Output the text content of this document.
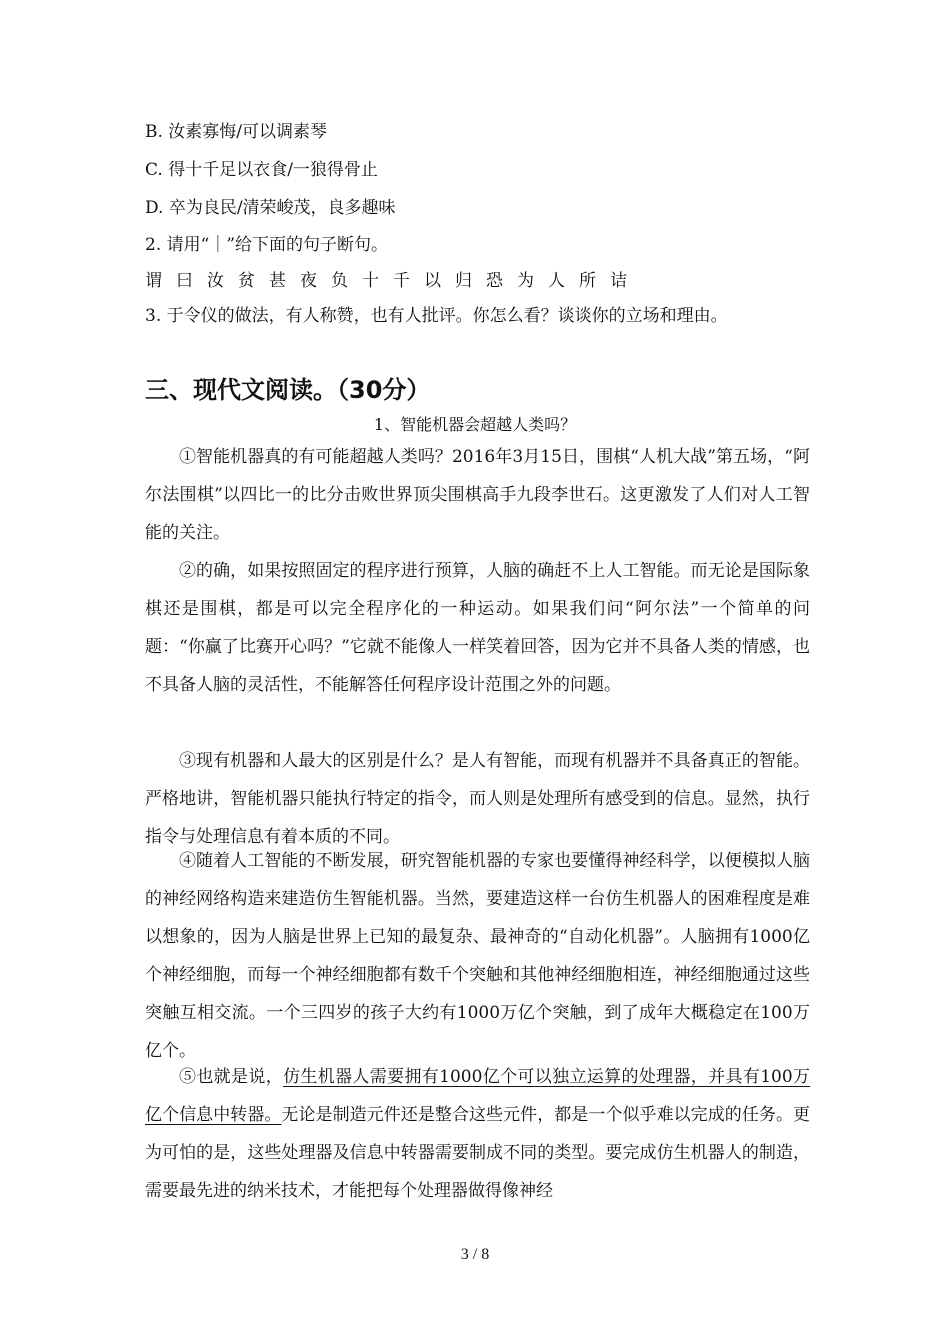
B. 汝素寡悔/可以调素琴
C. 得十千足以衣食/一狼得骨止
D. 卒为良民/清荣峻茂，良多趣味
2. 请用“｜”给下面的句子断句。
谓曰汝贫甚夜负十千以归恐为人所诘
3. 于令仪的做法，有人称赞，也有人批评。你怎么看？谈谈你的立场和理由。
三、现代文阅读。（30分）
1、智能机器会超越人类吗？
①智能机器真的有可能超越人类吗？2016年3月15日，围棋“人机大战”第五场，“阿尔法围棋”以四比一的比分击败世界顶尖围棋高手九段李世石。这更激发了人们对人工智能的关注。
②的确，如果按照固定的程序进行预算，人脑的确赶不上人工智能。而无论是国际象棋还是围棋，都是可以完全程序化的一种运动。如果我们问“阿尔法”一个简单的问题：“你赢了比赛开心吗？”它就不能像人一样笑着回答，因为它并不具备人类的情感，也不具备人脑的灵活性，不能解答任何程序设计范围之外的问题。
③现有机器和人最大的区别是什么？是人有智能，而现有机器并不具备真正的智能。严格地讲，智能机器只能执行特定的指令，而人则是处理所有感受到的信息。显然，执行指令与处理信息有着本质的不同。
④随着人工智能的不断发展，研究智能机器的专家也要懂得神经科学，以便模拟人脑的神经网络构造来建造仿生智能机器。当然，要建造这样一台仿生机器人的困难程度是难以想象的，因为人脑是世界上已知的最复杂、最神奇的“自动化机器”。人脑拥有1000亿个神经细胞，而每一个神经细胞都有数千个突触和其他神经细胞相连，神经细胞通过这些突触互相交流。一个三四岁的孩子大约有1000万亿个突触，到了成年大概稳定在100万亿个。
⑤也就是说，仿生机器人需要拥有1000亿个可以独立运算的处理器，并具有100万亿个信息中转器。无论是制造元件还是整合这些元件，都是一个似乎难以完成的任务。更为可怕的是，这些处理器及信息中转器需要制成不同的类型。要完成仿生机器人的制造，需要最先进的纳米技术，才能把每个处理器做得像神经
3 / 8
